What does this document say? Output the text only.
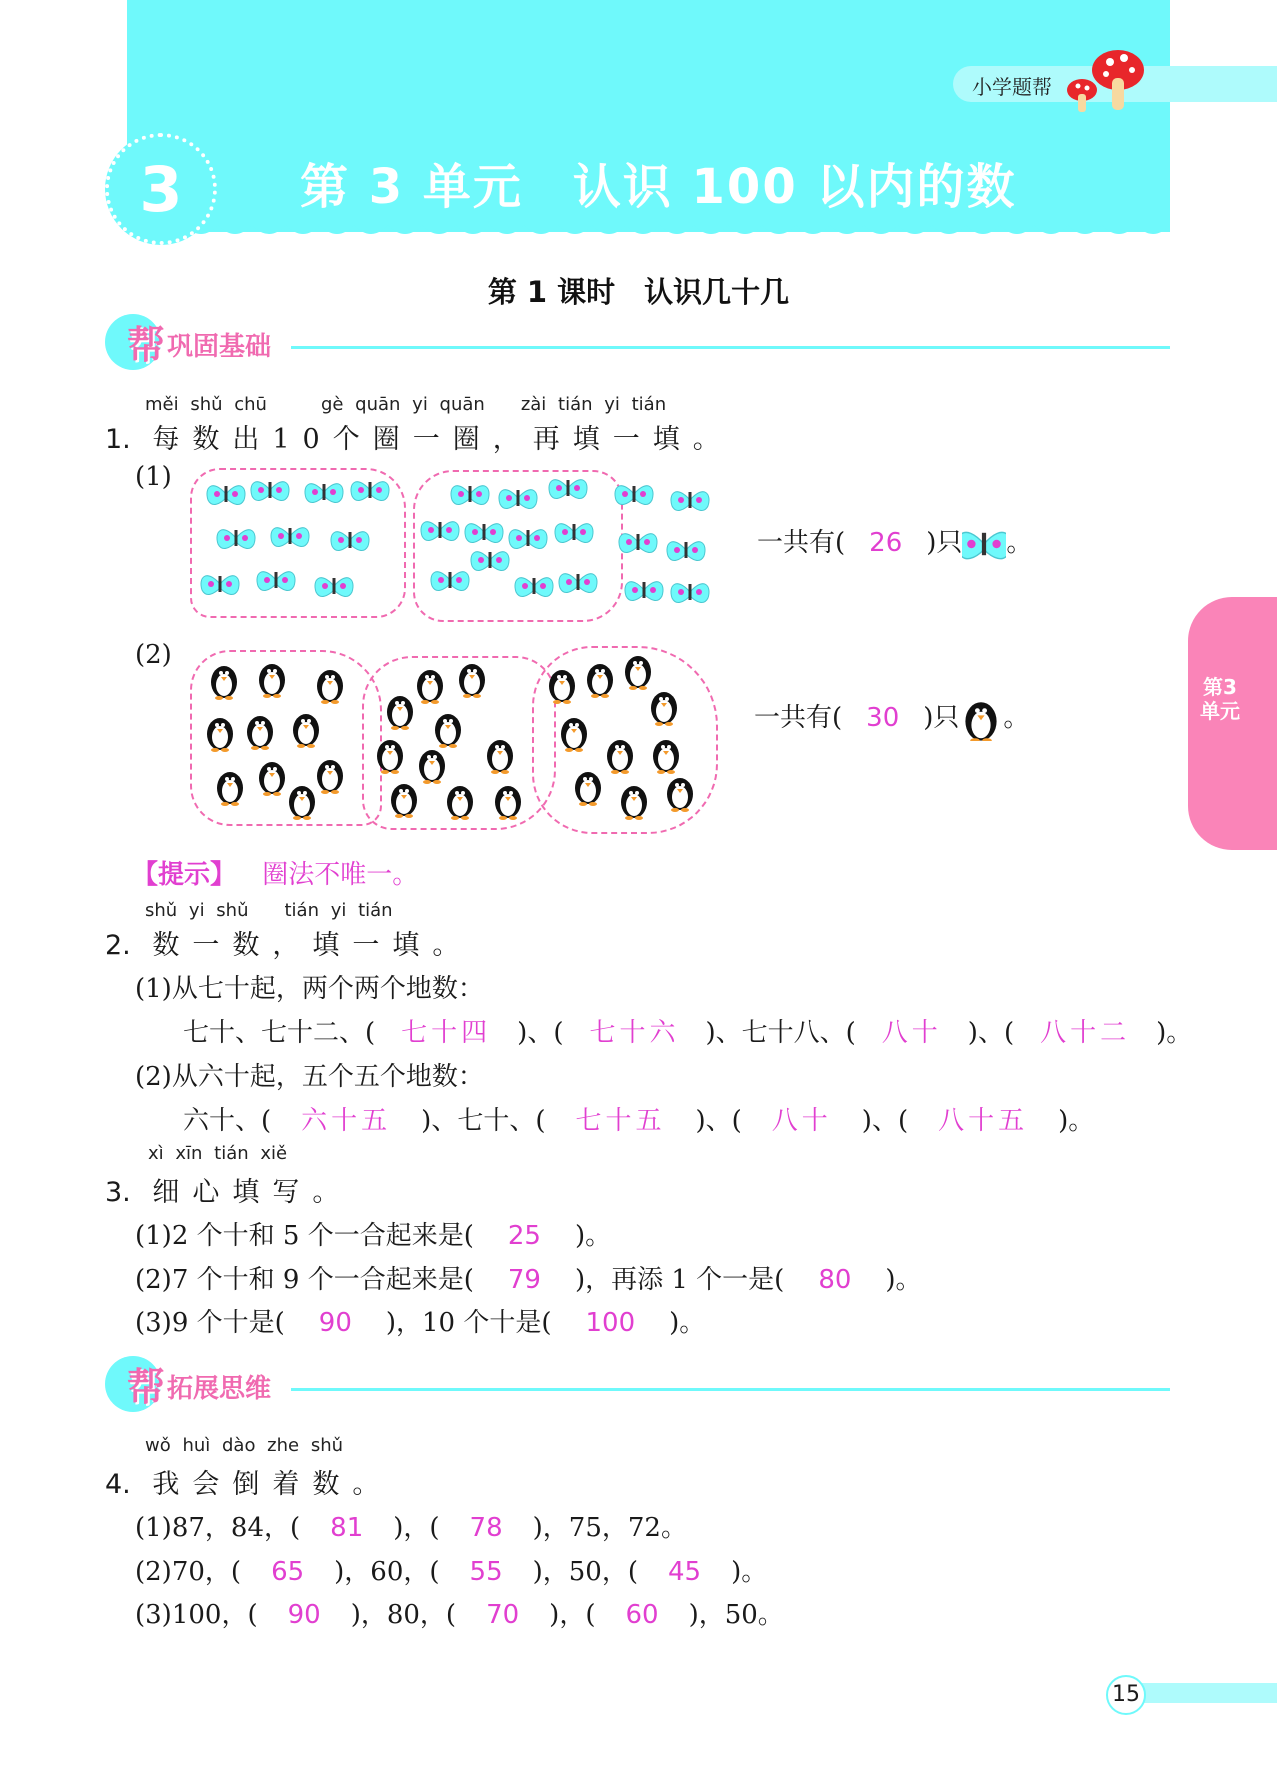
小学题帮
3 第 3 单元　认识 100 以内的数
第 1 课时　认识几十几
帮 巩固基础
第3单元
měi shǔ chū　　　gè quān yi quān　　zài tián yi tián
1. 每数出10个圈一圈，再填一填。
(1)
一共有( 26 )只 。
(2)
一共有( 30 )只 。
【提示】 圈法不唯一。
shǔ yi shǔ　　tián yi tián
2. 数一数，填一填。
(1)从七十起，两个两个地数：
七十、七十二、( 七十四 )、( 七十六 )、七十八、( 八十 )、( 八十二 )。
(2)从六十起，五个五个地数：
六十、( 六十五 )、七十、( 七十五 )、( 八十 )、( 八十五 )。
xì xīn tián xiě
3. 细心填写。
(1)2 个十和 5 个一合起来是( 25 )。
(2)7 个十和 9 个一合起来是( 79 )，再添 1 个一是( 80 )。
(3)9 个十是( 90 )，10 个十是( 100 )。
帮 拓展思维
wǒ huì dào zhe shǔ
4. 我会倒着数。
(1)87，84，( 81 )，( 78 )，75，72。
(2)70，( 65 )，60，( 55 )，50，( 45 )。
(3)100，( 90 )，80，( 70 )，( 60 )，50。
15
